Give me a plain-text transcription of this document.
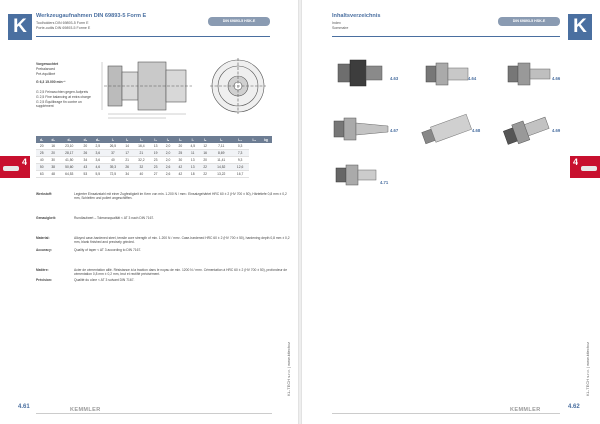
K	Werkzeugaufnahmen DIN 69893-5 Form E
Toolholders DIN 69893-5 Form E
Porte-outils DIN 69893-5 Forme E
DIN 69893-5 HSK-E
4
Vorgewuchtet
Prebalanced
Pré-équilibré
G 6,3 15.000 min⁻¹
G 2,5 Feinwuchten gegen Aufpreis
G 2,5 Fine balancing at extra charge
G 2,5 Équilibrage fin contre un supplément
d₁	d₂	d₃	d₄	d₅	l₁	l₂	l₃	l₄	l₅	l₆	l₇	l₈	l₉	l₁₀	l₁₁	kg
20	16	23,10	20	2,5	26,5	14	16,4	13	2,0	20	4,5	12	7,11	0,3		
25	20	28,17	26	3,6	37	17	21	19	2,0	25	11	16	8,69	7,3		
40	30	41,50	34	3,6	40	21	32,2	23	2,0	30	13	20	11,41	9,3		
50	38	50,60	43	4,6	39,3	26	32	23	2,6	42	13	22	14,52	12,6		
63	48	64,53	53	5,5	72,5	34	40	27	2,6	42	18	22	13,22	16,7		
Werkstoff:	Legierter Einsatzstahl mit einer Zugfestigkeit im Kern von min. 1.200 N / mm². Einsatzgehärtet HRC 60 ± 2 (HV 700 ± 50), Härtetiefe 0,8 mm ± 0,2 mm, Schleifen und poliert angeschliffen.
Genauigkeit:	Rundlaufwert – Toleranzqualität < AT 3 nach DIN 7167.
Material:	Alloyed case-hardened steel, tensile core strength of min. 1.200 N / mm². Case-hardened HRC 60 ± 2 (HV 700 ± 50), hardening depth 0,8 mm ± 0,2 mm, blank finished and precisely grinded.
Accuracy:	Quality of taper < AT 3 according to DIN 7167.
Matière:	Acier de cémentation allié. Résistance à la traction dans le noyau de min. 1200 N / mm². Cémentation à HRC 60 ± 2 (HV 700 ± 50), profondeur de cémentation 0,8 mm ± 0,2 mm, brut et rectifié précisément.
Précision:	Qualité du cône < AT 3 suivant DIN 7167.
4.61	KEMMLER
Inhaltsverzeichnis
Index
Sommaire
DIN 69893-5 HSK-E	K
4
4.63	4.64	4.66
4.67	4.68	4.69
4.71
KL-TECH s.r.o. | www.kltechcz
KEMMLER	4.62
KL-TECH s.r.o. | www.kltechcz
